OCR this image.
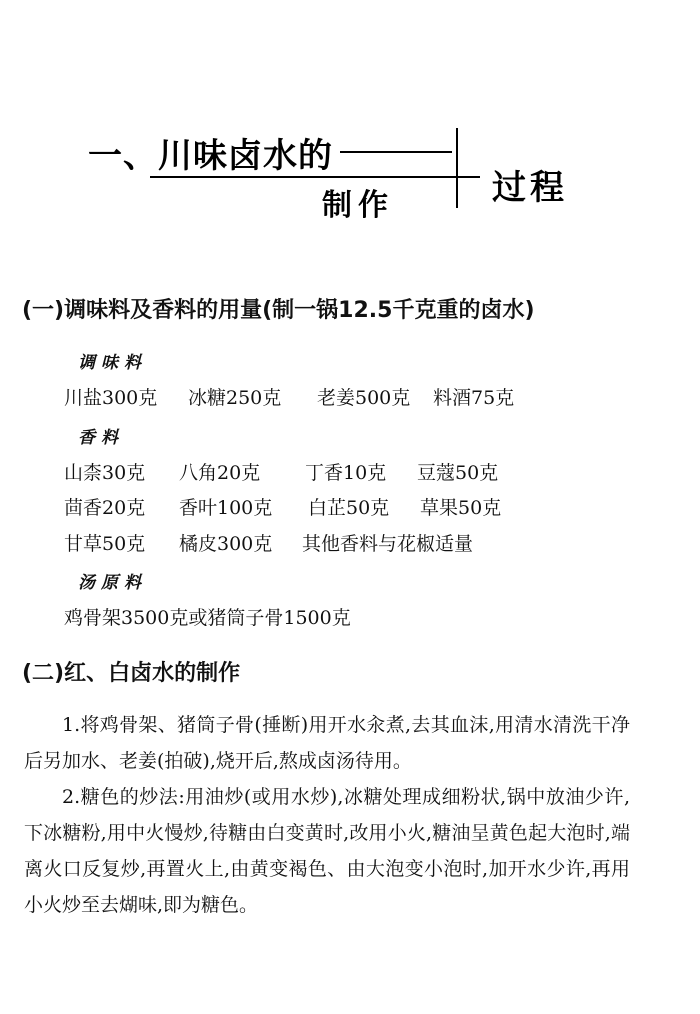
一、川味卤水的
制作	过程
(一)调味料及香料的用量(制一锅12.5千克重的卤水)
调味料
川盐300克 冰糖250克 老姜500克 料酒75克
香料
山柰30克 八角20克 丁香10克 豆蔻50克
茴香20克 香叶100克 白芷50克 草果50克
甘草50克 橘皮300克 其他香料与花椒适量
汤原料
鸡骨架3500克或猪筒子骨1500克
(二)红、白卤水的制作

1.将鸡骨架、猪筒子骨(捶断)用开水汆煮,去其血沫,用清水清洗干净后另加水、老姜(拍破),烧开后,熬成卤汤待用。

2.糖色的炒法:用油炒(或用水炒),冰糖处理成细粉状,锅中放油少许,下冰糖粉,用中火慢炒,待糖由白变黄时,改用小火,糖油呈黄色起大泡时,端离火口反复炒,再置火上,由黄变褐色、由大泡变小泡时,加开水少许,再用小火炒至去煳味,即为糖色。
